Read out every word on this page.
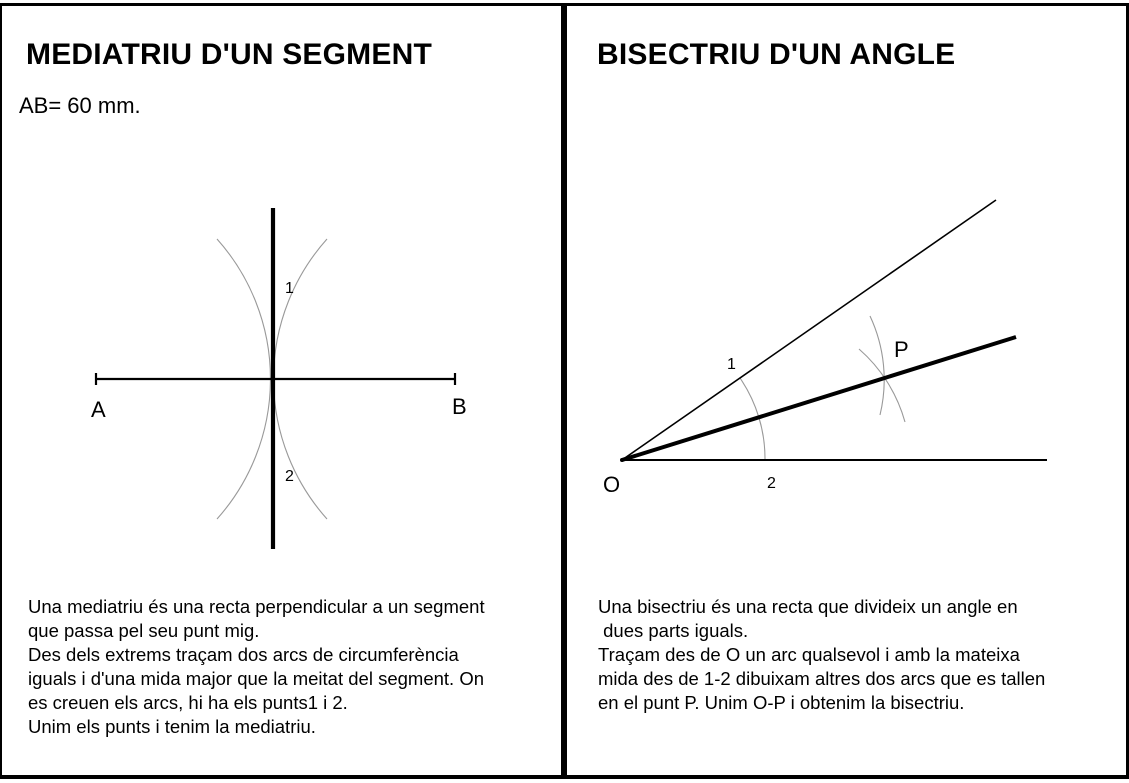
MEDIATRIU D'UN SEGMENT
AB= 60 mm.
A	B
1
2
Una mediatriu és una recta perpendicular a un segment
que passa pel seu punt mig.
Des dels extrems traçam dos arcs de circumferència
iguals i d'una mida major que la meitat del segment. On
es creuen els arcs, hi ha els punts1 i 2.
Unim els punts i tenim la mediatriu.
BISECTRIU D'UN ANGLE
O
1
2
P
Una bisectriu és una recta que divideix un angle en
dues parts iguals.
Traçam des de O un arc qualsevol i amb la mateixa
mida des de 1-2 dibuixam altres dos arcs que es tallen
en el punt P. Unim O-P i obtenim la bisectriu.
